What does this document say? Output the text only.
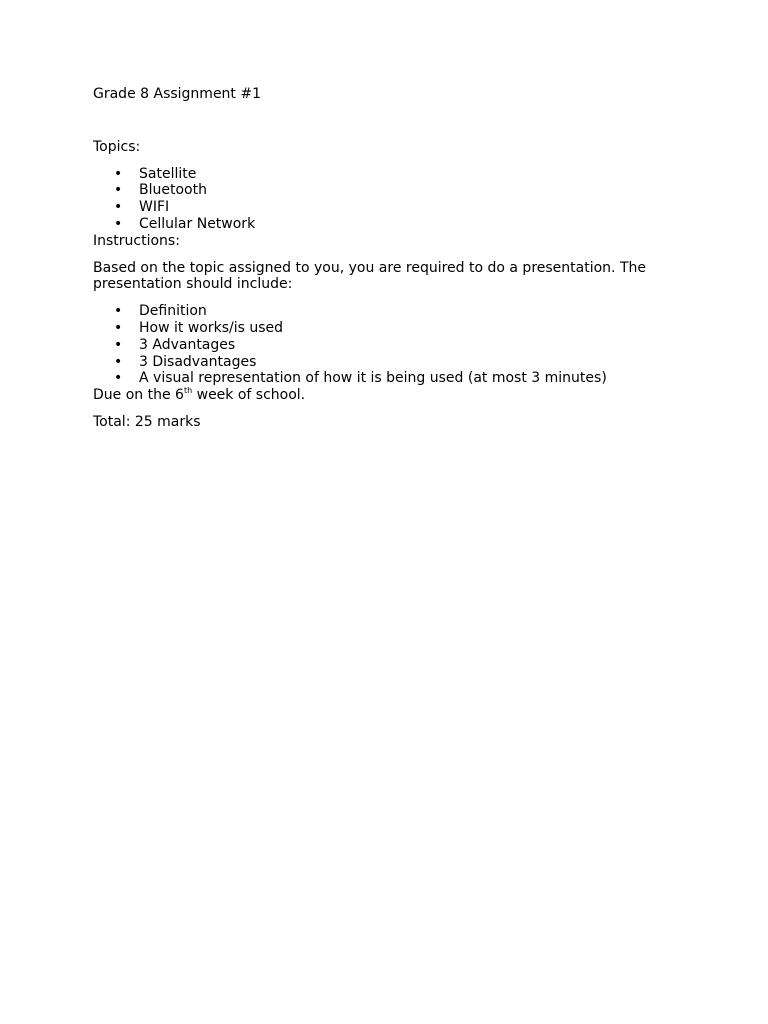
Grade 8 Assignment #1

Topics:

• Satellite
• Bluetooth
• WIFI
• Cellular Network

Instructions:

Based on the topic assigned to you, you are required to do a presentation. The presentation should include:

• Definition
• How it works/is used
• 3 Advantages
• 3 Disadvantages
• A visual representation of how it is being used (at most 3 minutes)

Due on the 6th week of school.

Total: 25 marks
